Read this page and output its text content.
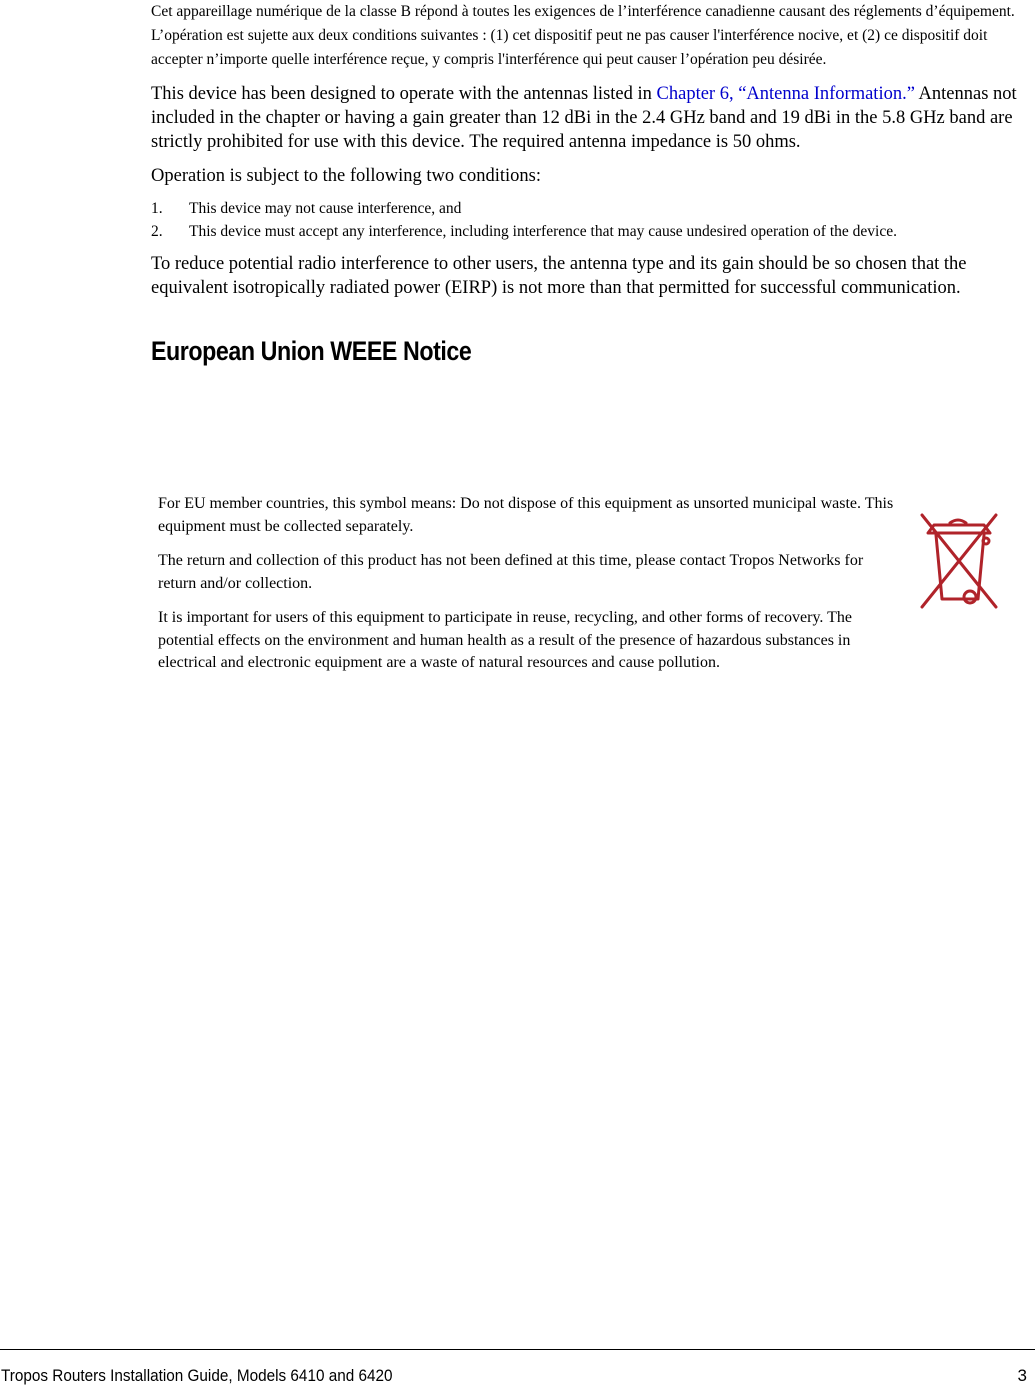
Cet appareillage numérique de la classe B répond à toutes les exigences de l’interférence canadienne causant des réglements d’équipement. L’opération est sujette aux deux conditions suivantes : (1) cet dispositif peut ne pas causer l'interférence nocive, et (2) ce dispositif doit accepter n’importe quelle interférence reçue, y compris l'interférence qui peut causer l’opération peu désirée.

This device has been designed to operate with the antennas listed in Chapter 6, “Antenna Information.” Antennas not included in the chapter or having a gain greater than 12 dBi in the 2.4 GHz band and 19 dBi in the 5.8 GHz band are strictly prohibited for use with this device. The required antenna impedance is 50 ohms.

Operation is subject to the following two conditions:

1. This device may not cause interference, and
2. This device must accept any interference, including interference that may cause undesired operation of the device.

To reduce potential radio interference to other users, the antenna type and its gain should be so chosen that the equivalent isotropically radiated power (EIRP) is not more than that permitted for successful communication.

European Union WEEE Notice

For EU member countries, this symbol means: Do not dispose of this equipment as unsorted municipal waste. This equipment must be collected separately.

The return and collection of this product has not been defined at this time, please contact Tropos Networks for return and/or collection.

It is important for users of this equipment to participate in reuse, recycling, and other forms of recovery. The potential effects on the environment and human health as a result of the presence of hazardous substances in electrical and electronic equipment are a waste of natural resources and cause pollution.

Tropos Routers Installation Guide, Models 6410 and 6420	3
